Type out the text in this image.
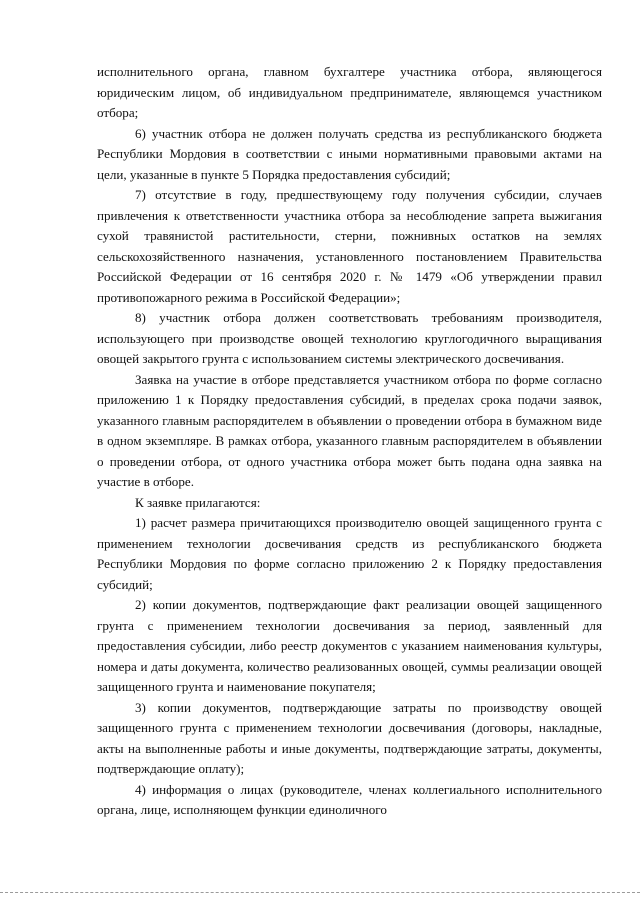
исполнительного органа, главном бухгалтере участника отбора, являющегося юридическим лицом, об индивидуальном предпринимателе, являющемся участником отбора;

6) участник отбора не должен получать средства из республиканского бюджета Республики Мордовия в соответствии с иными нормативными правовыми актами на цели, указанные в пункте 5 Порядка предоставления субсидий;

7) отсутствие в году, предшествующему году получения субсидии, случаев привлечения к ответственности участника отбора за несоблюдение запрета выжигания сухой травянистой растительности, стерни, пожнивных остатков на землях сельскохозяйственного назначения, установленного постановлением Правительства Российской Федерации от 16 сентября 2020 г. № 1479 «Об утверждении правил противопожарного режима в Российской Федерации»;

8) участник отбора должен соответствовать требованиям производителя, использующего при производстве овощей технологию круглогодичного выращивания овощей закрытого грунта с использованием системы электрического досвечивания.

Заявка на участие в отборе представляется участником отбора по форме согласно приложению 1 к Порядку предоставления субсидий, в пределах срока подачи заявок, указанного главным распорядителем в объявлении о проведении отбора в бумажном виде в одном экземпляре. В рамках отбора, указанного главным распорядителем в объявлении о проведении отбора, от одного участника отбора может быть подана одна заявка на участие в отборе.

К заявке прилагаются:

1) расчет размера причитающихся производителю овощей защищенного грунта с применением технологии досвечивания средств из республиканского бюджета Республики Мордовия по форме согласно приложению 2 к Порядку предоставления субсидий;

2) копии документов, подтверждающие факт реализации овощей защищенного грунта с применением технологии досвечивания за период, заявленный для предоставления субсидии, либо реестр документов с указанием наименования культуры, номера и даты документа, количество реализованных овощей, суммы реализации овощей защищенного грунта и наименование покупателя;

3) копии документов, подтверждающие затраты по производству овощей защищенного грунта с применением технологии досвечивания (договоры, накладные, акты на выполненные работы и иные документы, подтверждающие затраты, документы, подтверждающие оплату);

4) информация о лицах (руководителе, членах коллегиального исполнительного органа, лице, исполняющем функции единоличного
